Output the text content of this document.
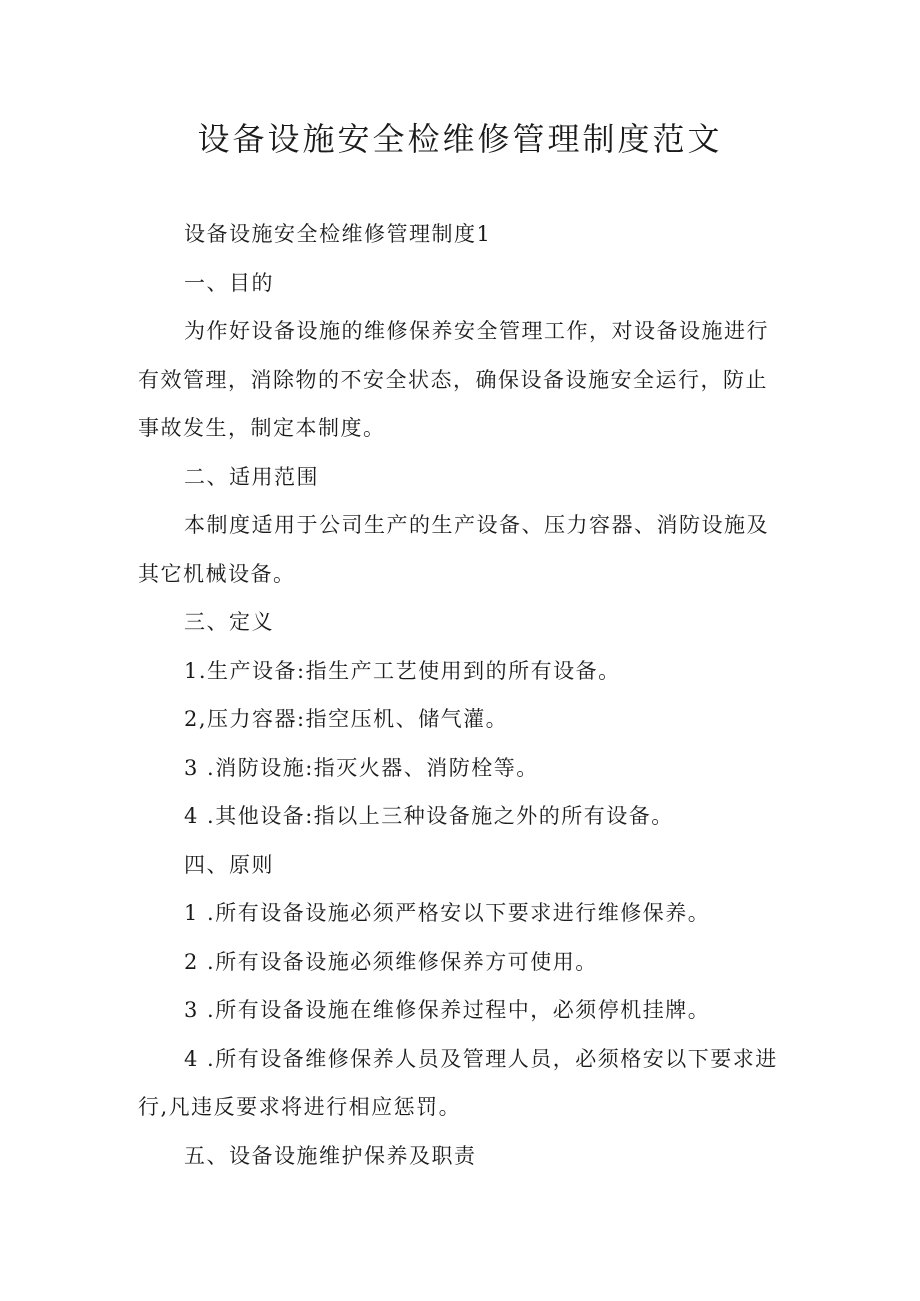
设备设施安全检维修管理制度范文

设备设施安全检维修管理制度1

一、目的

为作好设备设施的维修保养安全管理工作，对设备设施进行有效管理，消除物的不安全状态，确保设备设施安全运行，防止事故发生，制定本制度。

二、适用范围

本制度适用于公司生产的生产设备、压力容器、消防设施及其它机械设备。

三、定义

1.生产设备:指生产工艺使用到的所有设备。

2,压力容器:指空压机、储气灌。

3 .消防设施:指灭火器、消防栓等。

4 .其他设备:指以上三种设备施之外的所有设备。

四、原则

1 .所有设备设施必须严格安以下要求进行维修保养。

2 .所有设备设施必须维修保养方可使用。

3 .所有设备设施在维修保养过程中，必须停机挂牌。

4 .所有设备维修保养人员及管理人员，必须格安以下要求进行,凡违反要求将进行相应惩罚。

五、设备设施维护保养及职责
